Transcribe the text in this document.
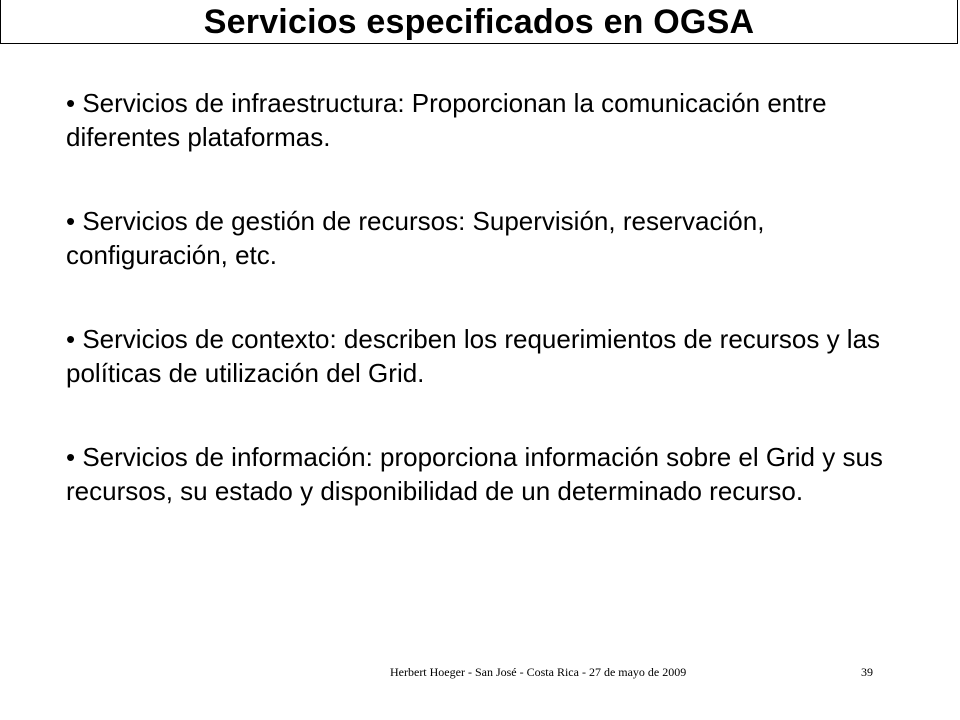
Servicios especificados en OGSA

• Servicios de infraestructura: Proporcionan la comunicación entre diferentes plataformas.

• Servicios de gestión de recursos: Supervisión, reservación, configuración, etc.

• Servicios de contexto: describen los requerimientos de recursos y las políticas de utilización del Grid.

• Servicios de información: proporciona información sobre el Grid y sus recursos, su estado y disponibilidad de un determinado recurso.

Herbert Hoeger - San José - Costa Rica - 27 de mayo de 2009	39
